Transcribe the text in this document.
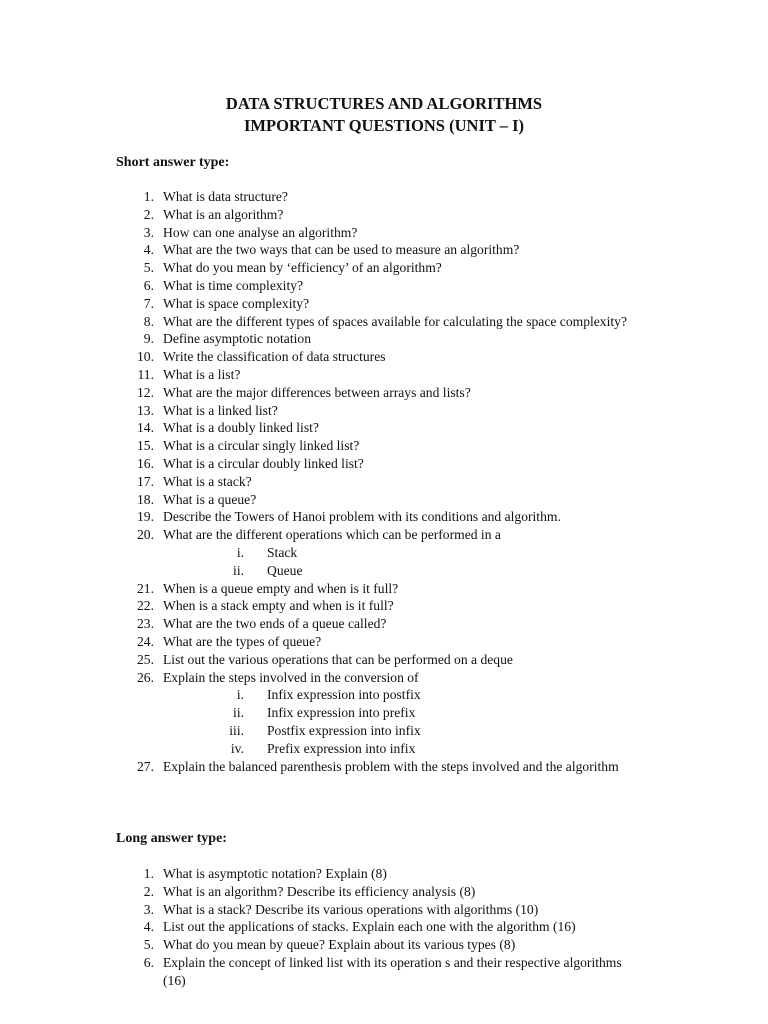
DATA STRUCTURES AND ALGORITHMS
IMPORTANT QUESTIONS (UNIT – I)
Short answer type:
1. What is data structure?
2. What is an algorithm?
3. How can one analyse an algorithm?
4. What are the two ways that can be used to measure an algorithm?
5. What do you mean by ‘efficiency’ of an algorithm?
6. What is time complexity?
7. What is space complexity?
8. What are the different types of spaces available for calculating the space complexity?
9. Define asymptotic notation
10. Write the classification of data structures
11. What is a list?
12. What are the major differences between arrays and lists?
13. What is a linked list?
14. What is a doubly linked list?
15. What is a circular singly linked list?
16. What is a circular doubly linked list?
17. What is a stack?
18. What is a queue?
19. Describe the Towers of Hanoi problem with its conditions and algorithm.
20. What are the different operations which can be performed in a
i. Stack
ii. Queue
21. When is a queue empty and when is it full?
22. When is a stack empty and when is it full?
23. What are the two ends of a queue called?
24. What are the types of queue?
25. List out the various operations that can be performed on a deque
26. Explain the steps involved in the conversion of
i. Infix expression into postfix
ii. Infix expression into prefix
iii. Postfix expression into infix
iv. Prefix expression into infix
27. Explain the balanced parenthesis problem with the steps involved and the algorithm
Long answer type:
1. What is asymptotic notation? Explain (8)
2. What is an algorithm? Describe its efficiency analysis (8)
3. What is a stack? Describe its various operations with algorithms (10)
4. List out the applications of stacks. Explain each one with the algorithm (16)
5. What do you mean by queue? Explain about its various types (8)
6. Explain the concept of linked list with its operation s and their respective algorithms (16)
